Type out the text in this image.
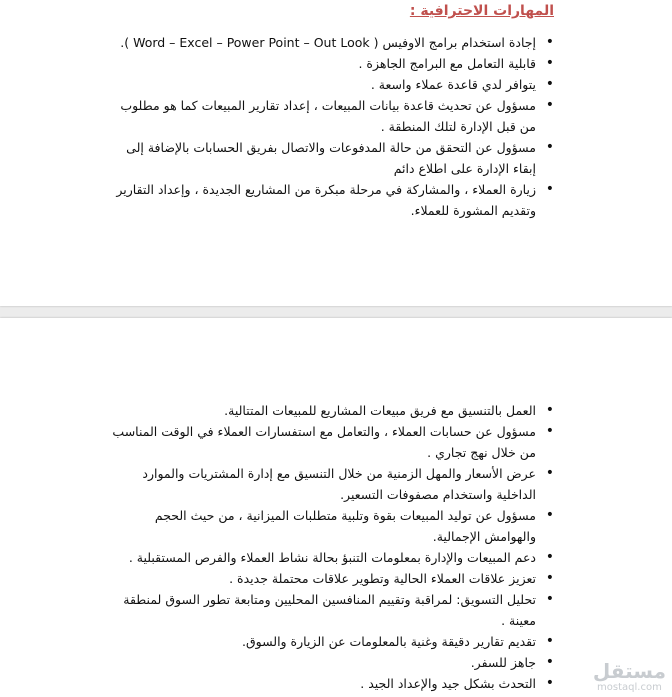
المهارات الاحترافية :
• إجادة استخدام برامج الاوفيس ( Word – Excel – Power Point – Out Look ).
• قابلية التعامل مع البرامج الجاهزة .
• يتوافر لدي قاعدة عملاء واسعة .
• مسؤول عن تحديث قاعدة بيانات المبيعات ، إعداد تقارير المبيعات كما هو مطلوب من قبل الإدارة لتلك المنطقة .
• مسؤول عن التحقق من حالة المدفوعات والاتصال بفريق الحسابات بالإضافة إلى إبقاء الإدارة على اطلاع دائم
• زيارة العملاء ، والمشاركة في مرحلة مبكرة من المشاريع الجديدة ، وإعداد التقارير وتقديم المشورة للعملاء.
• العمل بالتنسيق مع فريق مبيعات المشاريع للمبيعات المتتالية.
• مسؤول عن حسابات العملاء ، والتعامل مع استفسارات العملاء في الوقت المناسب من خلال نهج تجاري .
• عرض الأسعار والمهل الزمنية من خلال التنسيق مع إدارة المشتريات والموارد الداخلية واستخدام مصفوفات التسعير.
• مسؤول عن توليد المبيعات بقوة وتلبية متطلبات الميزانية ، من حيث الحجم والهوامش الإجمالية.
• دعم المبيعات والإدارة بمعلومات التنبؤ بحالة نشاط العملاء والفرص المستقبلية .
• تعزيز علاقات العملاء الحالية وتطوير علاقات محتملة جديدة .
• تحليل التسويق: لمراقبة وتقييم المنافسين المحليين ومتابعة تطور السوق لمنطقة معينة .
• تقديم تقارير دقيقة وغنية بالمعلومات عن الزيارة والسوق.
• جاهز للسفر.
• التحدث بشكل جيد والإعداد الجيد .
مستقل
mostaql.com
